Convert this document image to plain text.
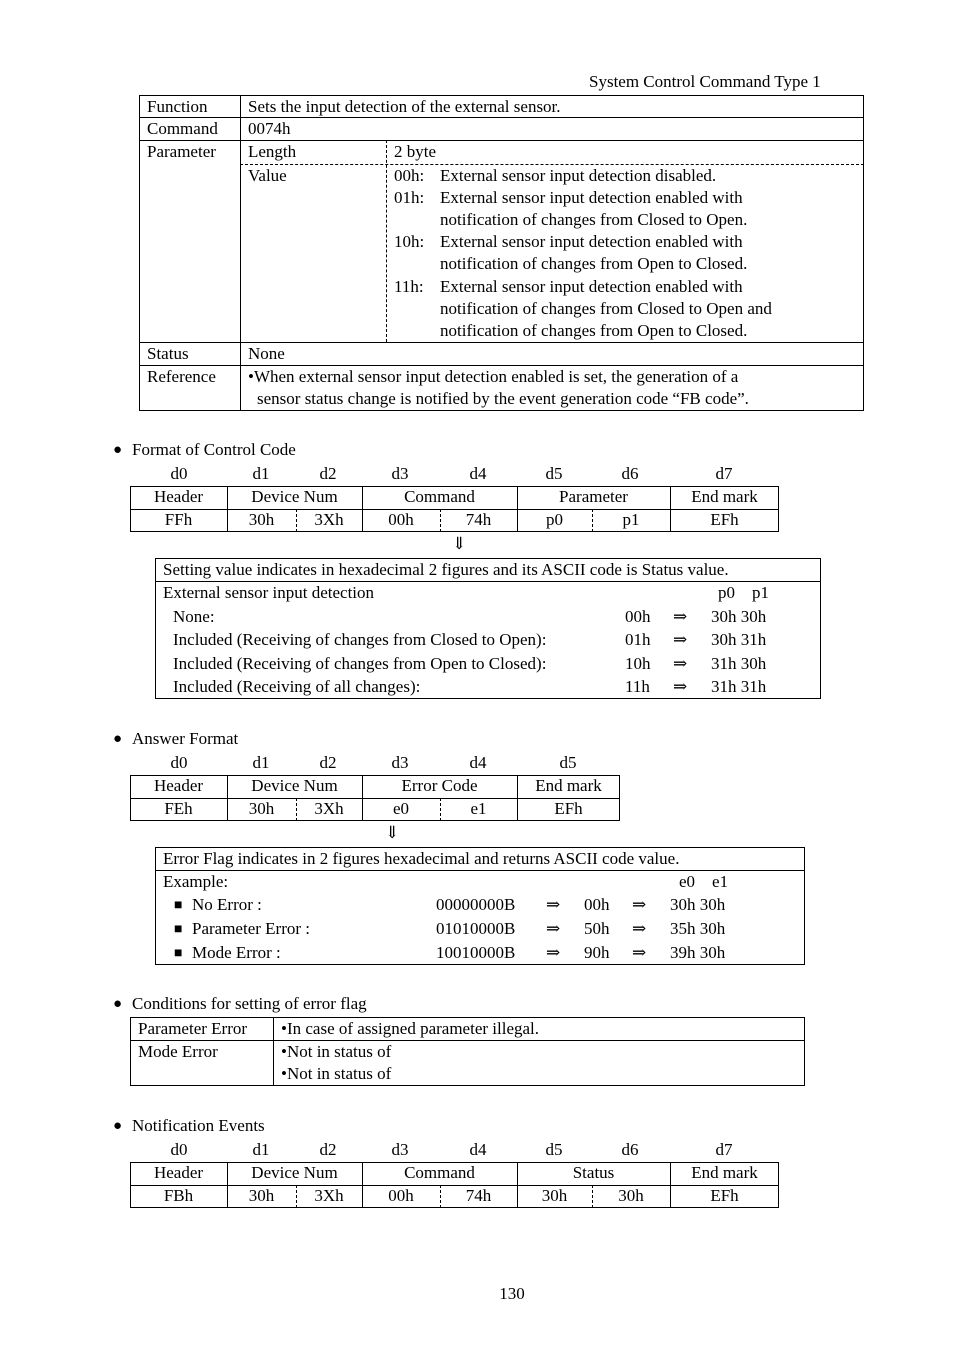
System Control Command Type 1
Function Sets the input detection of the external sensor.
Command 0074h
Parameter Length	2 byte
Value	00h: External sensor input detection disabled.
01h: External sensor input detection enabled with
notification of changes from Closed to Open.
10h: External sensor input detection enabled with
notification of changes from Open to Closed.
11h: External sensor input detection enabled with
notification of changes from Closed to Open and
notification of changes from Open to Closed.
Status	None
Reference •When external sensor input detection enabled is set, the generation of a
sensor status change is notified by the event generation code “FB code”.
● Format of Control Code
d0	d1	d2	d3	d4	d5	d6	d7
Header	Device Num	Command	Parameter	End mark
FFh	30h	3Xh	00h	74h	p0	p1	EFh
⇓
Setting value indicates in hexadecimal 2 figures and its ASCII code is Status value.
External sensor input detection	p0    p1
None:	00h ⇒ 30h 30h
Included (Receiving of changes from Closed to Open):	01h ⇒ 30h 31h
Included (Receiving of changes from Open to Closed):	10h ⇒ 31h 30h
Included (Receiving of all changes):	11h ⇒ 31h 31h
● Answer Format
d0	d1	d2	d3	d4	d5
Header	Device Num	Error Code	End mark
FEh	30h	3Xh	e0	e1	EFh
⇓
Error Flag indicates in 2 figures hexadecimal and returns ASCII code value.
Example:	e0    e1
■ No Error :	00000000B ⇒ 00h ⇒ 30h 30h
■ Parameter Error :	01010000B ⇒ 50h ⇒ 35h 30h
■ Mode Error :	10010000B ⇒ 90h ⇒ 39h 30h
● Conditions for setting of error flag
Parameter Error •In case of assigned parameter illegal.
Mode Error	•Not in status of
•Not in status of
● Notification Events
d0	d1	d2	d3	d4	d5	d6	d7
Header	Device Num	Command	Status	End mark
FBh	30h	3Xh	00h	74h	30h	30h	EFh
130
